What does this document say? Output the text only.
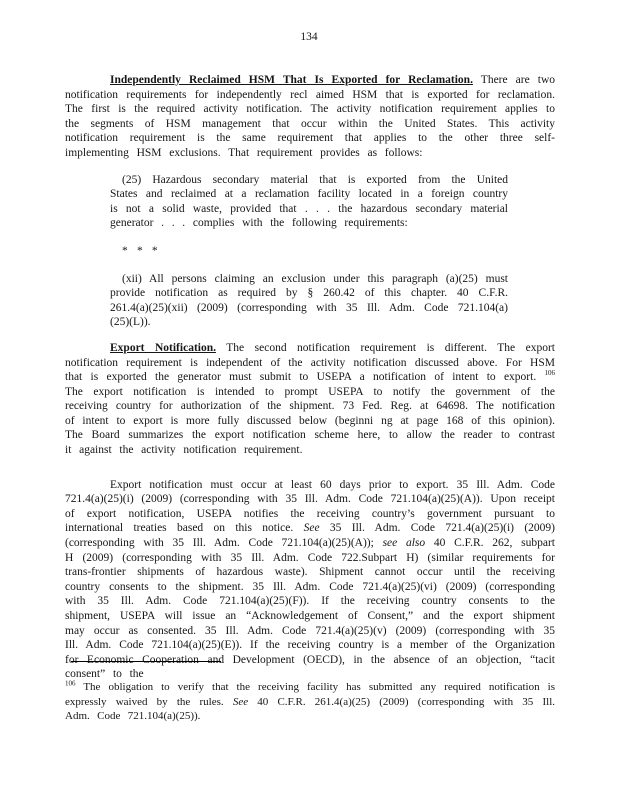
134

Independently Reclaimed HSM That Is Exported for Reclamation. There are two notification requirements for independently recl aimed HSM that is exported for reclamation. The first is the required activity notification. The activity notification requirement applies to the segments of HSM management that occur within the United States. This activity notification requirement is the same requirement that applies to the other three self-implementing HSM exclusions. That requirement provides as follows:

(25) Hazardous secondary material that is exported from the United States and reclaimed at a reclamation facility located in a foreign country is not a solid waste, provided that . . . the hazardous secondary material generator . . . complies with the following requirements:

* * *

(xii) All persons claiming an exclusion under this paragraph (a)(25) must provide notification as required by § 260.42 of this chapter. 40 C.F.R. 261.4(a)(25)(xii) (2009) (corresponding with 35 Ill. Adm. Code 721.104(a)(25)(L)).

Export Notification. The second notification requirement is different. The export notification requirement is independent of the activity notification discussed above. For HSM that is exported the generator must submit to USEPA a notification of intent to export. $^{106}$ The export notification is intended to prompt USEPA to notify the government of the receiving country for authorization of the shipment. 73 Fed. Reg. at 64698. The notification of intent to export is more fully discussed below (beginni ng at page 168 of this opinion). The Board summarizes the export notification scheme here, to allow the reader to contrast it against the activity notification requirement.

Export notification must occur at least 60 days prior to export. 35 Ill. Adm. Code 721.4(a)(25)(i) (2009) (corresponding with 35 Ill. Adm. Code 721.104(a)(25)(A)). Upon receipt of export notification, USEPA notifies the receiving country’s government pursuant to international treaties based on this notice. See 35 Ill. Adm. Code 721.4(a)(25)(i) (2009) (corresponding with 35 Ill. Adm. Code 721.104(a)(25)(A)); see also 40 C.F.R. 262, subpart H (2009) (corresponding with 35 Ill. Adm. Code 722.Subpart H) (similar requirements for trans-frontier shipments of hazardous waste). Shipment cannot occur until the receiving country consents to the shipment. 35 Ill. Adm. Code 721.4(a)(25)(vi) (2009) (corresponding with 35 Ill. Adm. Code 721.104(a)(25)(F)). If the receiving country consents to the shipment, USEPA will issue an “Acknowledgement of Consent,” and the export shipment may occur as consented. 35 Ill. Adm. Code 721.4(a)(25)(v) (2009) (corresponding with 35 Ill. Adm. Code 721.104(a)(25)(E)). If the receiving country is a member of the Organization for Economic Cooperation and Development (OECD), in the absence of an objection, “tacit consent” to the

$^{106}$ The obligation to verify that the receiving facility has submitted any required notification is expressly waived by the rules. See 40 C.F.R. 261.4(a)(25) (2009) (corresponding with 35 Ill. Adm. Code 721.104(a)(25)).
